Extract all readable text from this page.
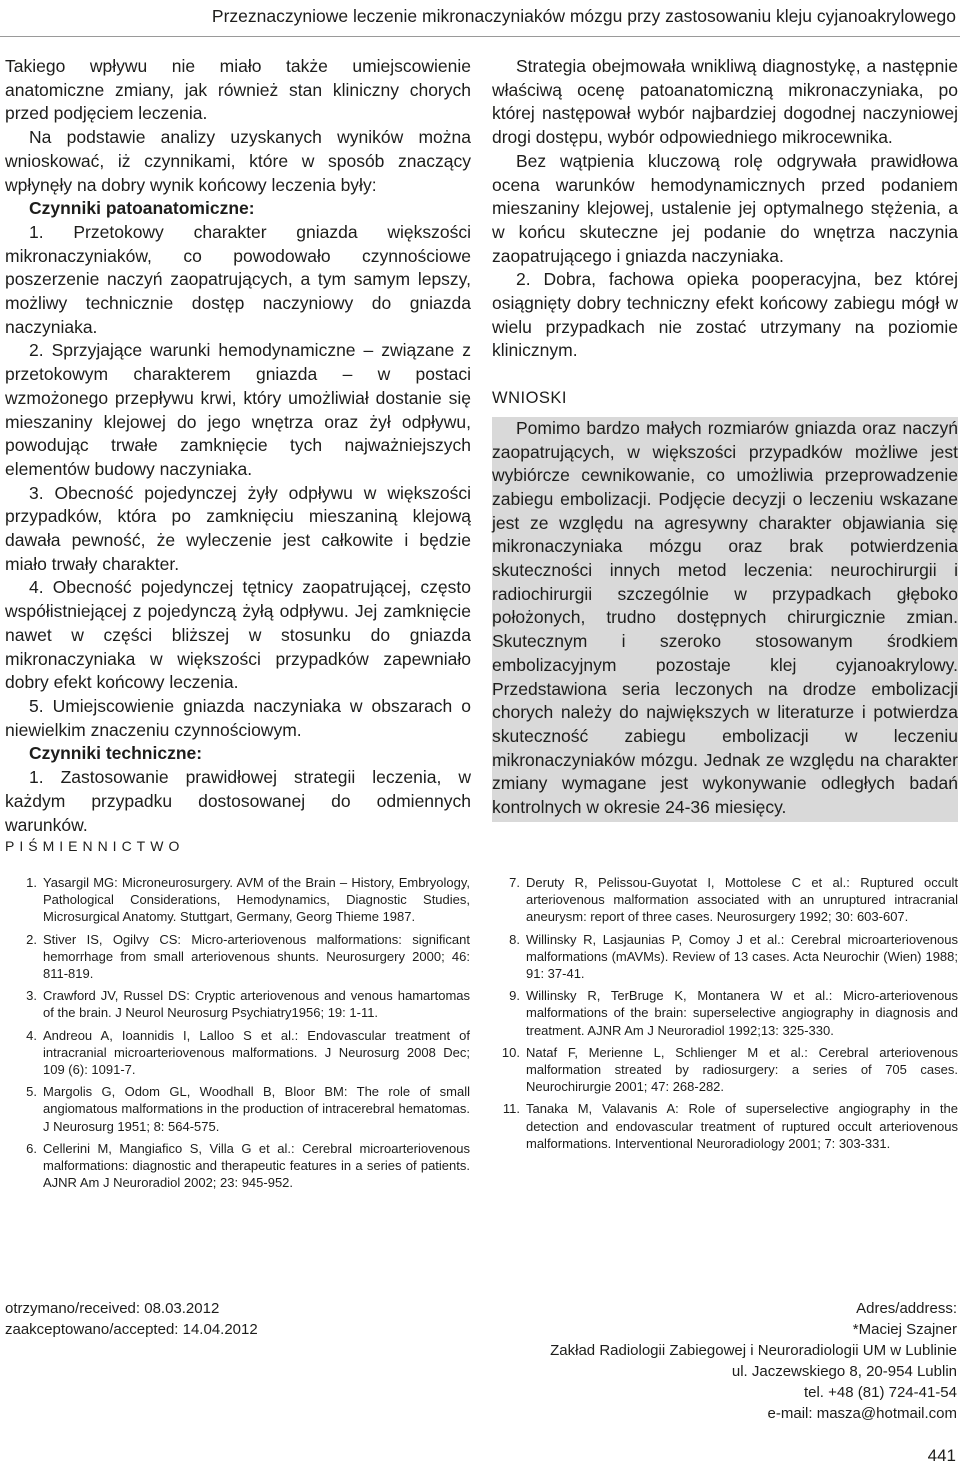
Przeznaczyniowe leczenie mikronaczyniaków mózgu przy zastosowaniu kleju cyjanoakrylowego

Takiego wpływu nie miało także umiejscowienie anatomiczne zmiany, jak również stan kliniczny chorych przed podjęciem leczenia.

Na podstawie analizy uzyskanych wyników można wnioskować, iż czynnikami, które w sposób znaczący wpłynęły na dobry wynik końcowy leczenia były:

Czynniki patoanatomiczne:

1. Przetokowy charakter gniazda większości mikronaczyniaków, co powodowało czynnościowe poszerzenie naczyń zaopatrujących, a tym samym lepszy, możliwy technicznie dostęp naczyniowy do gniazda naczyniaka.

2. Sprzyjające warunki hemodynamiczne – związane z przetokowym charakterem gniazda – w postaci wzmożonego przepływu krwi, który umożliwiał dostanie się mieszaniny klejowej do jego wnętrza oraz żył odpływu, powodując trwałe zamknięcie tych najważniejszych elementów budowy naczyniaka.

3. Obecność pojedynczej żyły odpływu w większości przypadków, która po zamknięciu mieszaniną klejową dawała pewność, że wyleczenie jest całkowite i będzie miało trwały charakter.

4. Obecność pojedynczej tętnicy zaopatrującej, często współistniejącej z pojedynczą żyłą odpływu. Jej zamknięcie nawet w części bliższej w stosunku do gniazda mikronaczyniaka w większości przypadków zapewniało dobry efekt końcowy leczenia.

5. Umiejscowienie gniazda naczyniaka w obszarach o niewielkim znaczeniu czynnościowym.

Czynniki techniczne:

1. Zastosowanie prawidłowej strategii leczenia, w każdym przypadku dostosowanej do odmiennych warunków.

Strategia obejmowała wnikliwą diagnostykę, a następnie właściwą ocenę patoanatomiczną mikronaczyniaka, po której następował wybór najbardziej dogodnej naczyniowej drogi dostępu, wybór odpowiedniego mikrocewnika.

Bez wątpienia kluczową rolę odgrywała prawidłowa ocena warunków hemodynamicznych przed podaniem mieszaniny klejowej, ustalenie jej optymalnego stężenia, a w końcu skuteczne jej podanie do wnętrza naczynia zaopatrującego i gniazda naczyniaka.

2. Dobra, fachowa opieka pooperacyjna, bez której osiągnięty dobry techniczny efekt końcowy zabiegu mógł w wielu przypadkach nie zostać utrzymany na poziomie klinicznym.

WNIOSKI

Pomimo bardzo małych rozmiarów gniazda oraz naczyń zaopatrujących, w większości przypadków możliwe jest wybiórcze cewnikowanie, co umożliwia przeprowadzenie zabiegu embolizacji. Podjęcie decyzji o leczeniu wskazane jest ze względu na agresywny charakter objawiania się mikronaczyniaka mózgu oraz brak potwierdzenia skuteczności innych metod leczenia: neurochirurgii i radiochirurgii szczególnie w przypadkach głęboko położonych, trudno dostępnych chirurgicznie zmian. Skutecznym i szeroko stosowanym środkiem embolizacyjnym pozostaje klej cyjanoakrylowy. Przedstawiona seria leczonych na drodze embolizacji chorych należy do największych w literaturze i potwierdza skuteczność zabiegu embolizacji w leczeniu mikronaczyniaków mózgu. Jednak ze względu na charakter zmiany wymagane jest wykonywanie odległych badań kontrolnych w okresie 24-36 miesięcy.

PIŚMIENNICTWO
1. Yasargil MG: Microneurosurgery. AVM of the Brain – History, Embryology, Pathological Considerations, Hemodynamics, Diagnostic Studies, Microsurgical Anatomy. Stuttgart, Germany, Georg Thieme 1987.
2. Stiver IS, Ogilvy CS: Micro-arteriovenous malformations: significant hemorrhage from small arteriovenous shunts. Neurosurgery 2000; 46: 811-819.
3. Crawford JV, Russel DS: Cryptic arteriovenous and venous hamartomas of the brain. J Neurol Neurosurg Psychiatry1956; 19: 1-11.
4. Andreou A, Ioannidis I, Lalloo S et al.: Endovascular treatment of intracranial microarteriovenous malformations. J Neurosurg 2008 Dec; 109 (6): 1091-7.
5. Margolis G, Odom GL, Woodhall B, Bloor BM: The role of small angiomatous malformations in the production of intracerebral hematomas. J Neurosurg 1951; 8: 564-575.
6. Cellerini M, Mangiafico S, Villa G et al.: Cerebral microarteriovenous malformations: diagnostic and therapeutic features in a series of patients. AJNR Am J Neuroradiol 2002; 23: 945-952.
7. Deruty R, Pelissou-Guyotat I, Mottolese C et al.: Ruptured occult arteriovenous malformation associated with an unruptured intracranial aneurysm: report of three cases. Neurosurgery 1992; 30: 603-607.
8. Willinsky R, Lasjaunias P, Comoy J et al.: Cerebral microarteriovenous malformations (mAVMs). Review of 13 cases. Acta Neurochir (Wien) 1988; 91: 37-41.
9. Willinsky R, TerBruge K, Montanera W et al.: Micro-arteriovenous malformations of the brain: superselective angiography in diagnosis and treatment. AJNR Am J Neuroradiol 1992;13: 325-330.
10. Nataf F, Merienne L, Schlienger M et al.: Cerebral arteriovenous malformation streated by radiosurgery: a series of 705 cases. Neurochirurgie 2001; 47: 268-282.
11. Tanaka M, Valavanis A: Role of superselective angiography in the detection and endovascular treatment of ruptured occult arteriovenous malformations. Interventional Neuroradiology 2001; 7: 303-331.
otrzymano/received: 08.03.2012
zaakceptowano/accepted: 14.04.2012
Adres/address:
*Maciej Szajner
Zakład Radiologii Zabiegowej i Neuroradiologii UM w Lublinie
ul. Jaczewskiego 8, 20-954 Lublin
tel. +48 (81) 724-41-54
e-mail: masza@hotmail.com
441
